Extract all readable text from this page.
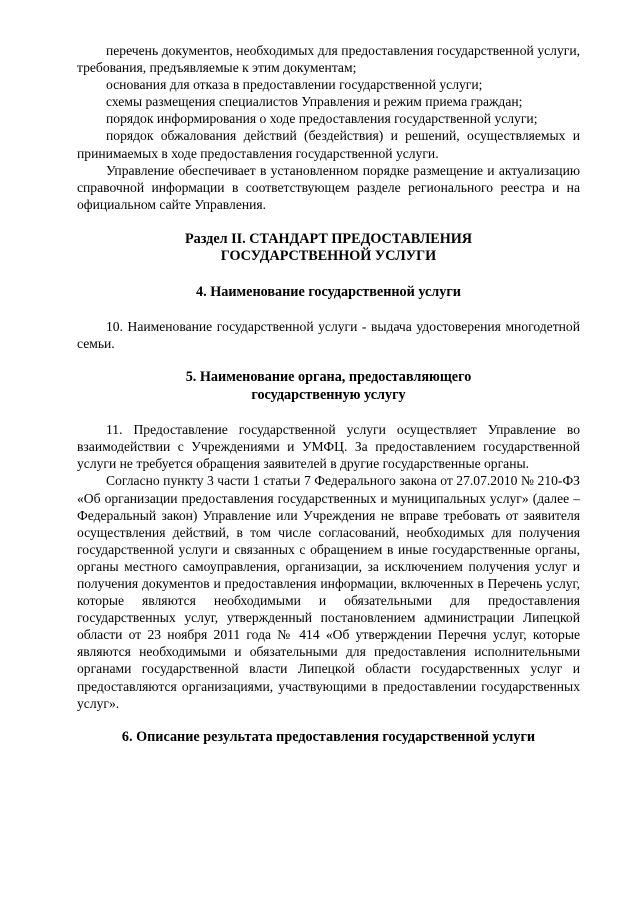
перечень документов, необходимых для предоставления государственной услуги, требования, предъявляемые к этим документам;

основания для отказа в предоставлении государственной услуги;

схемы размещения специалистов Управления и режим приема граждан;

порядок информирования о ходе предоставления государственной услуги;

порядок обжалования действий (бездействия) и решений, осуществляемых и принимаемых в ходе предоставления государственной услуги.

Управление обеспечивает в установленном порядке размещение и актуализацию справочной информации в соответствующем разделе регионального реестра и на официальном сайте Управления.

Раздел II. СТАНДАРТ ПРЕДОСТАВЛЕНИЯ
ГОСУДАРСТВЕННОЙ УСЛУГИ
4. Наименование государственной услуги

10. Наименование государственной услуги - выдача удостоверения многодетной семьи.

5. Наименование органа, предоставляющего
государственную услугу

11. Предоставление государственной услуги осуществляет Управление во взаимодействии с Учреждениями и УМФЦ. За предоставлением государственной услуги не требуется обращения заявителей в другие государственные органы.

Согласно пункту 3 части 1 статьи 7 Федерального закона от 27.07.2010 № 210-ФЗ «Об организации предоставления государственных и муниципальных услуг» (далее – Федеральный закон) Управление или Учреждения не вправе требовать от заявителя осуществления действий, в том числе согласований, необходимых для получения государственной услуги и связанных с обращением в иные государственные органы, органы местного самоуправления, организации, за исключением получения услуг и получения документов и предоставления информации, включенных в Перечень услуг, которые являются необходимыми и обязательными для предоставления государственных услуг, утвержденный постановлением администрации Липецкой области от 23 ноября 2011 года № 414 «Об утверждении Перечня услуг, которые являются необходимыми и обязательными для предоставления исполнительными органами государственной власти Липецкой области государственных услуг и предоставляются организациями, участвующими в предоставлении государственных услуг».

6. Описание результата предоставления государственной услуги
